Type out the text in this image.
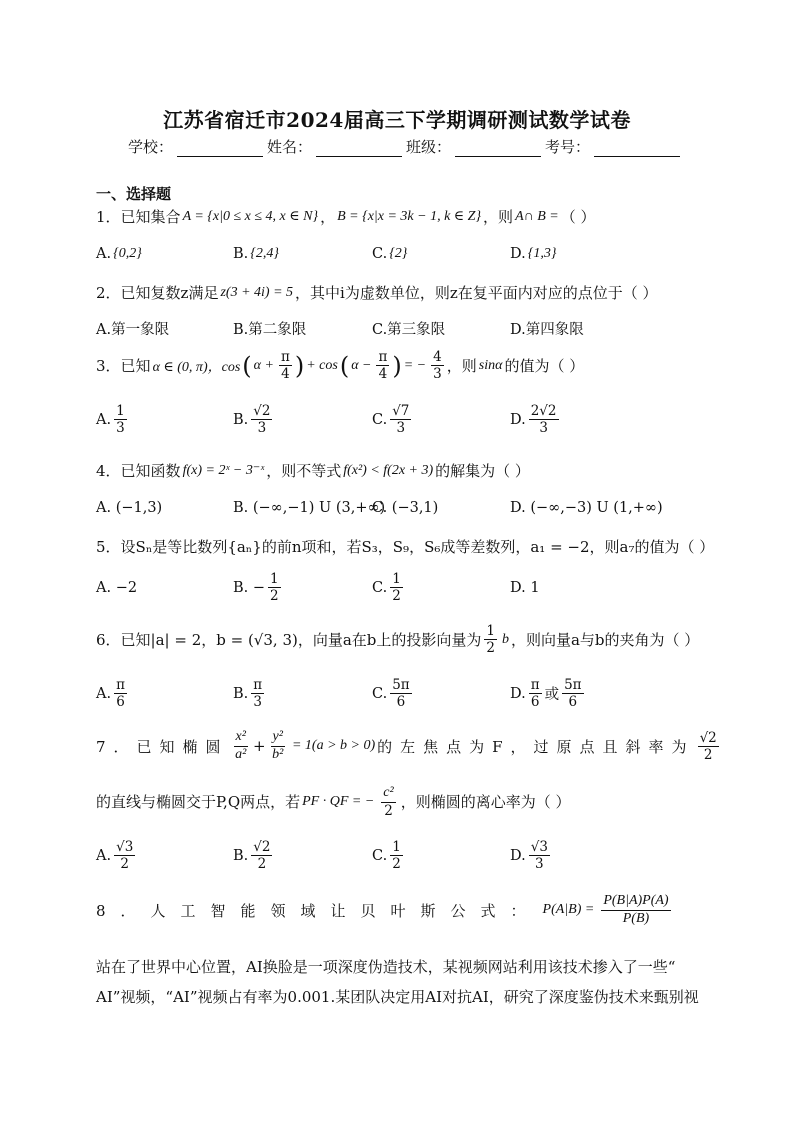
江苏省宿迁市2024届高三下学期调研测试数学试卷
学校：	姓名：	班级：	考号：
一、选择题
1． 已知集合 A = {x|0 ≤ x ≤ 4, x ∈ N} ， B = {x|x = 3k − 1, k ∈ Z} ，则 A∩ B = （ ）
A. {0,2}	B. {2,4}	C. {2}	D. {1,3}
2． 已知复数z满足 z(3 + 4i) = 5 ，其中i为虚数单位，则z在复平面内对应的点位于（ ）
A.第一象限	B.第二象限	C.第三象限	D.第四象限
3． 已知 α ∈ (0, π)，cos ( $\alpha + \frac{\pi}{4}$ ) + cos ( $\alpha - \frac{\pi}{4}$ ) = − $\frac{4}{3}$ ，则 sinα 的值为（ ）
A. $\frac{1}{3}$	B. $\frac{√2}{3}$	C. $\frac{√7}{3}$	D. $\frac{2√2}{3}$
4． 已知函数 f(x) = 2ˣ − 3⁻ˣ ，则不等式 f(x²) < f(2x + 3) 的解集为（ ）
A. (−1,3)	B. (−∞,−1) U (3,+∞)
C. (−3,1)	D. (−∞,−3) U (1,+∞)
5． 设Sₙ是等比数列{aₙ}的前n项和，若S₃，S₉，S₆成等差数列，a₁ = −2，则a₇的值为（ ）
A. −2	B. − $\frac{1}{2}$	C. $\frac{1}{2}$	D. 1
6． 已知|a| = 2，b = (√3, 3)，向量a在b上的投影向量为 $\frac{1}{2}$ b ，则向量a与b的夹角为（ ）
A. $\frac{\pi}{6}$	B. $\frac{\pi}{3}$	C. $\frac{5\pi}{6}$	D. $\frac{\pi}{6}$ 或 $\frac{5\pi}{6}$
7．已知椭圆 $\frac{\text{x²}}{\text{a²}} + \frac{\text{y²}}{\text{b²}} = 1(a > b > 0)$ 的左焦点为F，过原点且斜率为 $\frac{√2}{2}$
的直线与椭圆交于P,Q两点，若 PF · QF = − $\frac{\text{c²}}{2}$ ，则椭圆的离心率为（ ）
A. $\frac{√3}{2}$	B. $\frac{√2}{2}$	C. $\frac{1}{2}$	D. $\frac{√3}{3}$
8．人工智能领域让贝叶斯公式： $P(A|B) = \frac{P(B|A)P(A)}{P(B)}$
站在了世界中心位置，AI换脸是一项深度伪造技术，某视频网站利用该技术掺入了一些“
AI”视频，“AI”视频占有率为0.001.某团队决定用AI对抗AI，研究了深度鉴伪技术来甄别视
